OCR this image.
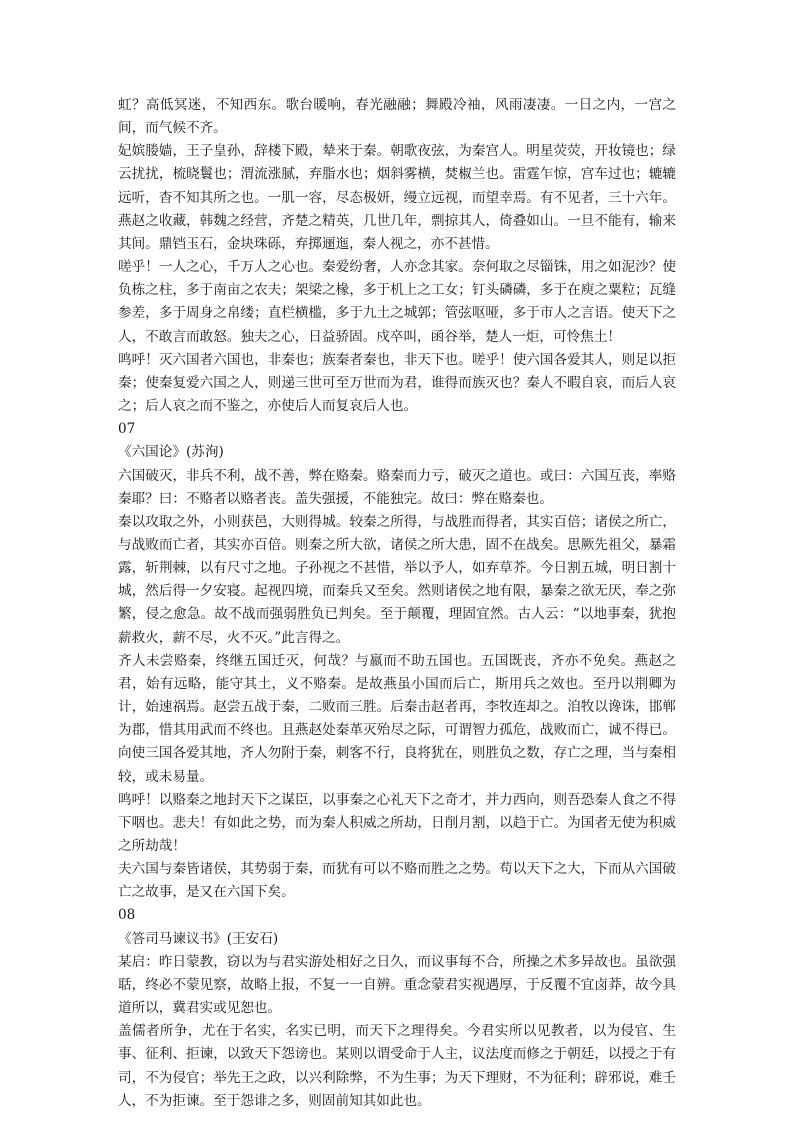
虹？高低冥迷，不知西东。歌台暖响，春光融融；舞殿冷袖，风雨凄凄。一日之内，一宫之间，而气候不齐。

妃嫔媵嫱，王子皇孙，辞楼下殿，辇来于秦。朝歌夜弦，为秦宫人。明星荧荧，开妆镜也；绿云扰扰，梳晓鬟也；渭流涨腻，弃脂水也；烟斜雾横，焚椒兰也。雷霆乍惊，宫车过也；辘辘远听，杳不知其所之也。一肌一容，尽态极妍，缦立远视，而望幸焉。有不见者，三十六年。燕赵之收藏，韩魏之经营，齐楚之精英，几世几年，剽掠其人，倚叠如山。一旦不能有，输来其间。鼎铛玉石，金块珠砾，弃掷逦迤，秦人视之，亦不甚惜。

嗟乎！一人之心，千万人之心也。秦爱纷奢，人亦念其家。奈何取之尽锱铢，用之如泥沙？使负栋之柱，多于南亩之农夫；架梁之椽，多于机上之工女；钉头磷磷，多于在庾之粟粒；瓦缝参差，多于周身之帛缕；直栏横槛，多于九土之城郭；管弦呕哑，多于市人之言语。使天下之人，不敢言而敢怒。独夫之心，日益骄固。戍卒叫，函谷举，楚人一炬，可怜焦土！

鸣呼！灭六国者六国也，非秦也；族秦者秦也，非天下也。嗟乎！使六国各爱其人，则足以拒秦；使秦复爱六国之人，则递三世可至万世而为君，谁得而族灭也？秦人不暇自哀，而后人哀之；后人哀之而不鉴之，亦使后人而复哀后人也。

07

《六国论》(苏洵)

六国破灭，非兵不利，战不善，弊在赂秦。赂秦而力亏，破灭之道也。或曰：六国互丧，率赂秦耶？曰：不赂者以赂者丧。盖失强援，不能独完。故曰：弊在赂秦也。

秦以攻取之外，小则获邑，大则得城。较秦之所得，与战胜而得者，其实百倍；诸侯之所亡，与战败而亡者，其实亦百倍。则秦之所大欲，诸侯之所大患，固不在战矣。思厥先祖父，暴霜露，斩荆棘，以有尺寸之地。子孙视之不甚惜，举以予人，如弃草芥。今日割五城，明日割十城，然后得一夕安寝。起视四境，而秦兵又至矣。然则诸侯之地有限，暴秦之欲无厌，奉之弥繁，侵之愈急。故不战而强弱胜负已判矣。至于颠覆，理固宜然。古人云：“以地事秦，犹抱薪救火，薪不尽，火不灭。”此言得之。

齐人未尝赂秦，终继五国迁灭，何哉？与嬴而不助五国也。五国既丧，齐亦不免矣。燕赵之君，始有远略，能守其土，义不赂秦。是故燕虽小国而后亡，斯用兵之效也。至丹以荆卿为计，始速祸焉。赵尝五战于秦，二败而三胜。后秦击赵者再，李牧连却之。洎牧以谗诛，邯郸为郡，惜其用武而不终也。且燕赵处秦革灭殆尽之际，可谓智力孤危，战败而亡，诚不得已。向使三国各爱其地，齐人勿附于秦，刺客不行，良将犹在，则胜负之数，存亡之理，当与秦相较，或未易量。

鸣呼！以赂秦之地封天下之谋臣，以事秦之心礼天下之奇才，并力西向，则吾恐秦人食之不得下咽也。悲夫！有如此之势，而为秦人积威之所劫，日削月割，以趋于亡。为国者无使为积威之所劫哉！

夫六国与秦皆诸侯，其势弱于秦，而犹有可以不赂而胜之之势。苟以天下之大，下而从六国破亡之故事，是又在六国下矣。

08

《答司马谏议书》(王安石)

某启：昨日蒙教，窃以为与君实游处相好之日久，而议事每不合，所操之术多异故也。虽欲强聒，终必不蒙见察，故略上报，不复一一自辨。重念蒙君实视遇厚，于反覆不宜卤莽，故今具道所以，冀君实或见恕也。

盖儒者所争，尤在于名实，名实已明，而天下之理得矣。今君实所以见教者，以为侵官、生事、征利、拒谏，以致天下怨谤也。某则以谓受命于人主，议法度而修之于朝廷，以授之于有司，不为侵官；举先王之政，以兴利除弊，不为生事；为天下理财，不为征利；辟邪说，难壬人，不为拒谏。至于怨诽之多，则固前知其如此也。
